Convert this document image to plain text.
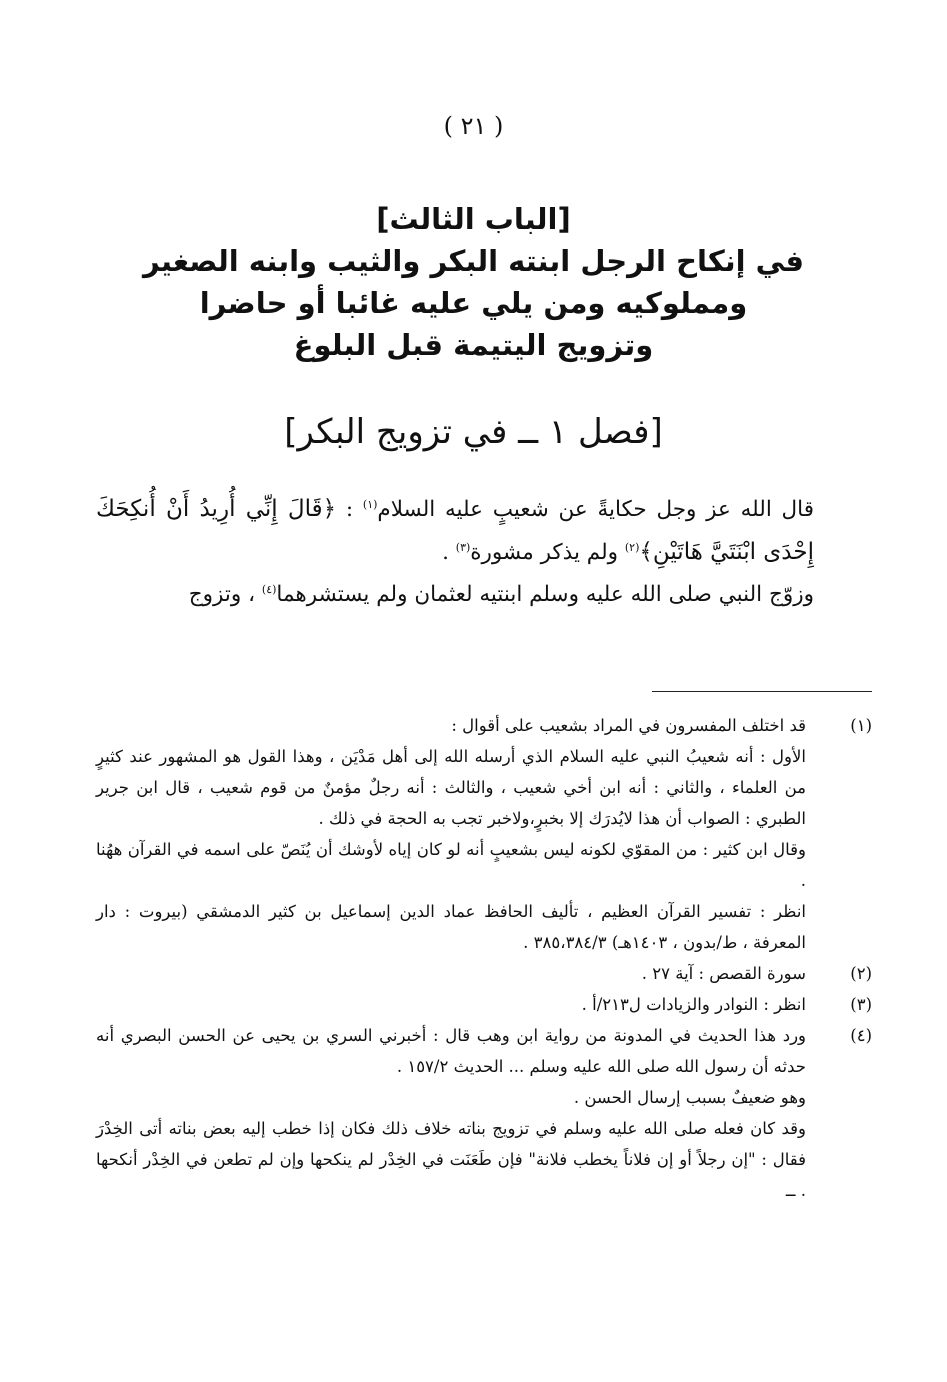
( ٢١ )

[الباب الثالث]

في إنكاح الرجل ابنته البكر والثيب وابنه الصغير

ومملوكيه ومن يلي عليه غائبا أو حاضرا

وتزويج اليتيمة قبل البلوغ

[فصل ١ ــ في تزويج البكر]

قال الله عز وجل حكايةً عن شعيبٍ عليه السلام$^{(١)}$ : ﴿قَالَ إِنِّي أُرِيدُ أَنْ أُنكِحَكَ إِحْدَى ابْنَتَيَّ هَاتَيْنِ﴾$^{(٢)}$ ولم يذكر مشورة$^{(٣)}$ .

وزوّج النبي صلى الله عليه وسلم ابنتيه لعثمان ولم يستشرهما$^{(٤)}$ ، وتزوج

(١)

قد اختلف المفسرون في المراد بشعيب على أقوال :

الأول : أنه شعيبُ النبي عليه السلام الذي أرسله الله إلى أهل مَدْيَن ، وهذا القول هو المشهور عند كثيرٍ من العلماء ، والثاني : أنه ابن أخي شعيب ، والثالث : أنه رجلٌ مؤمنٌ من قوم شعيب ، قال ابن جرير الطبري : الصواب أن هذا لايُدرَك إلا بخبرٍ،ولاخبر تجب به الحجة في ذلك .

وقال ابن كثير : من المقوّي لكونه ليس بشعيبٍ أنه لو كان إياه لأوشك أن يُنَصّ على اسمه في القرآن ههُنا .

انظر : تفسير القرآن العظيم ، تأليف الحافظ عماد الدين إسماعيل بن كثير الدمشقي (بيروت : دار المعرفة ، ط/بدون ، ١٤٠٣هـ) ٣٨٥،٣٨٤/٣ .

(٢)

سورة القصص : آية ٢٧ .

(٣)

انظر : النوادر والزيادات ل٢١٣/أ .

(٤)

ورد هذا الحديث في المدونة من رواية ابن وهب قال : أخبرني السري بن يحيى عن الحسن البصري أنه حدثه أن رسول الله صلى الله عليه وسلم ... الحديث ١٥٧/٢ .

وهو ضعيفٌ بسبب إرسال الحسن .

وقد كان فعله صلى الله عليه وسلم في تزويج بناته خلاف ذلك فكان إذا خطب إليه بعض بناته أتى الخِدْرَ فقال : "إن رجلاً أو إن فلاناً يخطب فلانة" فإن طَعَنَت في الخِدْر لم ينكحها وإن لم تطعن في الخِدْر أنكحها . ــ
